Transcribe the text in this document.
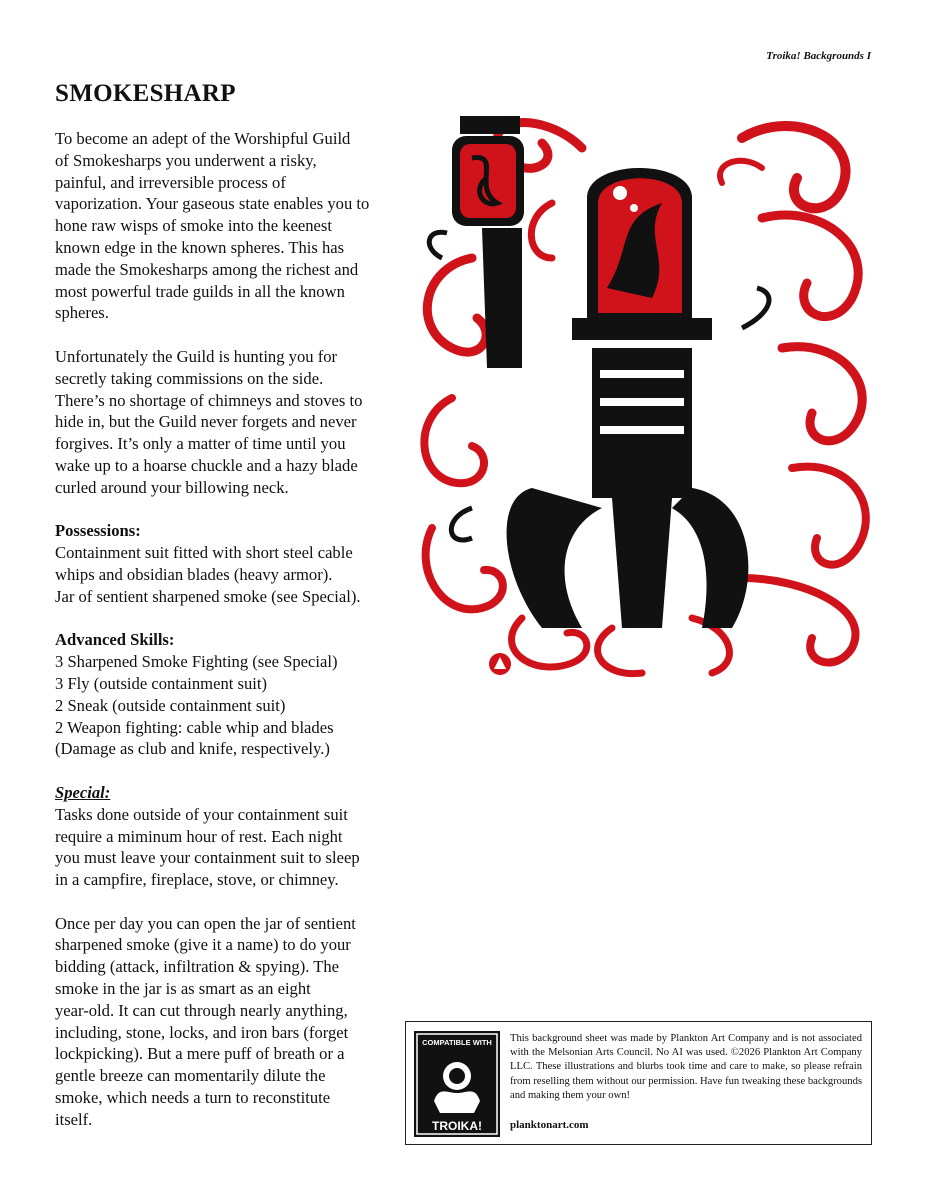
Troika! Backgrounds I
SMOKESHARP

To become an adept of the Worshipful Guild
of Smokesharps you underwent a risky,
painful, and irreversible process of
vaporization. Your gaseous state enables you to
hone raw wisps of smoke into the keenest
known edge in the known spheres. This has
made the Smokesharps among the richest and
most powerful trade guilds in all the known
spheres.

Unfortunately the Guild is hunting you for
secretly taking commissions on the side.
There’s no shortage of chimneys and stoves to
hide in, but the Guild never forgets and never
forgives. It’s only a matter of time until you
wake up to a hoarse chuckle and a hazy blade
curled around your billowing neck.

Possessions:
Containment suit fitted with short steel cable
whips and obsidian blades (heavy armor).
Jar of sentient sharpened smoke (see Special).
Advanced Skills:
3 Sharpened Smoke Fighting (see Special)
3 Fly (outside containment suit)
2 Sneak (outside containment suit)
2 Weapon fighting: cable whip and blades
(Damage as club and knife, respectively.)
Special:
Tasks done outside of your containment suit
require a miminum hour of rest. Each night
you must leave your containment suit to sleep
in a campfire, fireplace, stove, or chimney.

Once per day you can open the jar of sentient
sharpened smoke (give it a name) to do your
bidding (attack, infiltration & spying). The
smoke in the jar is as smart as an eight
year-old. It can cut through nearly anything,
including, stone, locks, and iron bars (forget
lockpicking). But a mere puff of breath or a
gentle breeze can momentarily dilute the
smoke, which needs a turn to reconstitute
itself.

COMPATIBLE WITH
TROIKA!
This background sheet was made by Plankton Art Company and is not associated with the Melsonian Arts Council. No AI was used. ©2026 Plankton Art Company LLC. These illustrations and blurbs took time and care to make, so please refrain from reselling them without our permission. Have fun tweaking these backgrounds and making them your own!
planktonart.com
